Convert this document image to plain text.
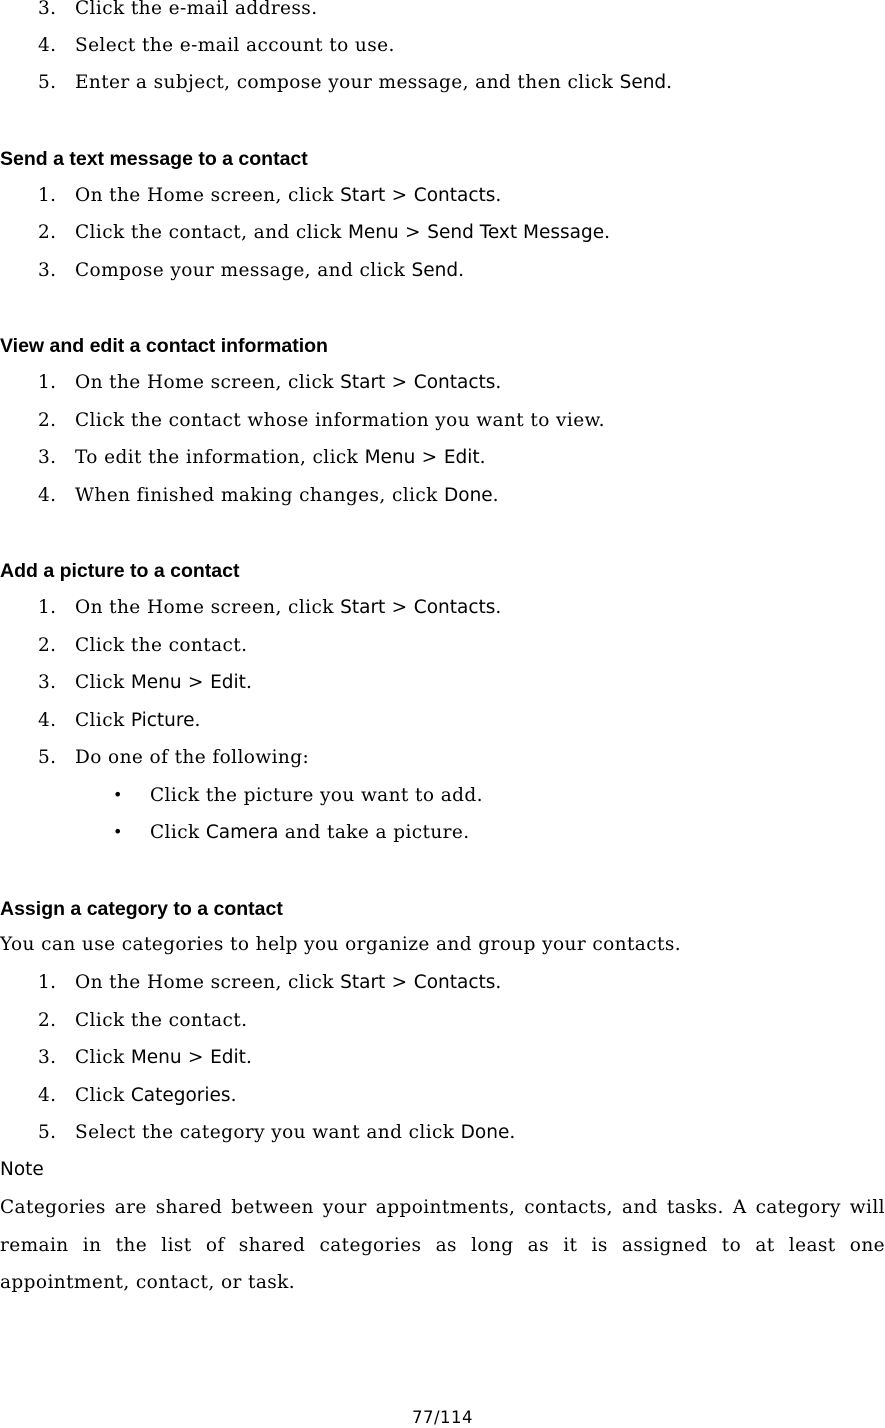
3. Click the e-mail address.
4. Select the e-mail account to use.
5. Enter a subject, compose your message, and then click Send.
Send a text message to a contact
1. On the Home screen, click Start > Contacts.
2. Click the contact, and click Menu > Send Text Message.
3. Compose your message, and click Send.
View and edit a contact information
1. On the Home screen, click Start > Contacts.
2. Click the contact whose information you want to view.
3. To edit the information, click Menu > Edit.
4. When finished making changes, click Done.
Add a picture to a contact
1. On the Home screen, click Start > Contacts.
2. Click the contact.
3. Click Menu > Edit.
4. Click Picture.
5. Do one of the following:
• Click the picture you want to add.
• Click Camera and take a picture.
Assign a category to a contact
You can use categories to help you organize and group your contacts.
1. On the Home screen, click Start > Contacts.
2. Click the contact.
3. Click Menu > Edit.
4. Click Categories.
5. Select the category you want and click Done.
Note
Categories are shared between your appointments, contacts, and tasks. A category will
remain in the list of shared categories as long as it is assigned to at least one
appointment, contact, or task.
77/114
